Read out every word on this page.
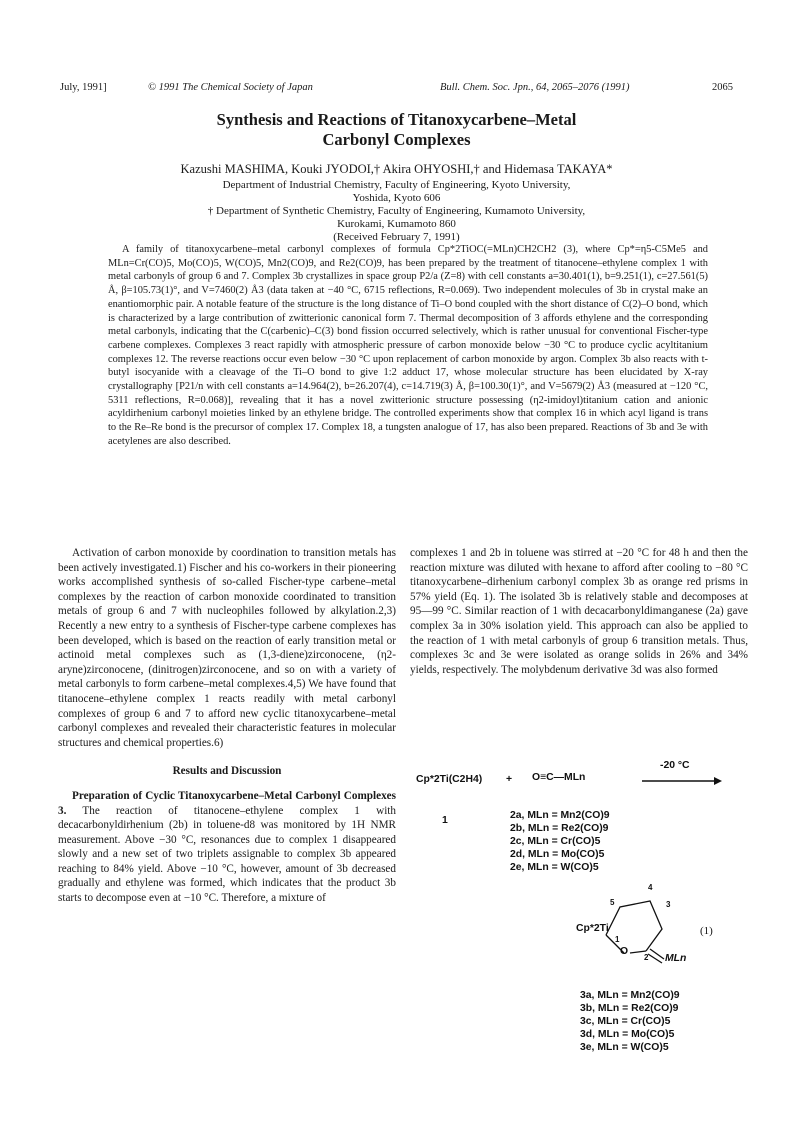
July, 1991]	© 1991 The Chemical Society of Japan	Bull. Chem. Soc. Jpn., 64, 2065–2076 (1991)	2065
Synthesis and Reactions of Titanoxycarbene–Metal
Carbonyl Complexes
Kazushi MASHIMA, Kouki JYODOI,† Akira OHYOSHI,† and Hidemasa TAKAYA*
Department of Industrial Chemistry, Faculty of Engineering, Kyoto University,
Yoshida, Kyoto 606
† Department of Synthetic Chemistry, Faculty of Engineering, Kumamoto University,
Kurokami, Kumamoto 860
(Received February 7, 1991)
A family of titanoxycarbene–metal carbonyl complexes of formula Cp*2TiOC(=MLn)CH2CH2 (3), where Cp*=η5-C5Me5 and MLn=Cr(CO)5, Mo(CO)5, W(CO)5, Mn2(CO)9, and Re2(CO)9, has been prepared by the treatment of titanocene–ethylene complex 1 with metal carbonyls of group 6 and 7. Complex 3b crystallizes in space group P2/a (Z=8) with cell constants a=30.401(1), b=9.251(1), c=27.561(5) Å, β=105.73(1)°, and V=7460(2) Å3 (data taken at −40 °C, 6715 reflections, R=0.069). Two independent molecules of 3b in crystal make an enantiomorphic pair. A notable feature of the structure is the long distance of Ti–O bond coupled with the short distance of C(2)–O bond, which is characterized by a large contribution of zwitterionic canonical form 7. Thermal decomposition of 3 affords ethylene and the corresponding metal carbonyls, indicating that the C(carbenic)–C(3) bond fission occurred selectively, which is rather unusual for conventional Fischer-type carbene complexes. Complexes 3 react rapidly with atmospheric pressure of carbon monoxide below −30 °C to produce cyclic acyltitanium complexes 12. The reverse reactions occur even below −30 °C upon replacement of carbon monoxide by argon. Complex 3b also reacts with t-butyl isocyanide with a cleavage of the Ti–O bond to give 1:2 adduct 17, whose molecular structure has been elucidated by X-ray crystallography [P21/n with cell constants a=14.964(2), b=26.207(4), c=14.719(3) Å, β=100.30(1)°, and V=5679(2) Å3 (measured at −120 °C, 5311 reflections, R=0.068)], revealing that it has a novel zwitterionic structure possessing (η2-imidoyl)titanium cation and anionic acyldirhenium carbonyl moieties linked by an ethylene bridge. The controlled experiments show that complex 16 in which acyl ligand is trans to the Re–Re bond is the precursor of complex 17. Complex 18, a tungsten analogue of 17, has also been prepared. Reactions of 3b and 3e with acetylenes are also described.

Activation of carbon monoxide by coordination to transition metals has been actively investigated.1) Fischer and his co-workers in their pioneering works accomplished synthesis of so-called Fischer-type carbene–metal complexes by the reaction of carbon monoxide coordinated to transition metals of group 6 and 7 with nucleophiles followed by alkylation.2,3) Recently a new entry to a synthesis of Fischer-type carbene complexes has been developed, which is based on the reaction of early transition metal or actinoid metal complexes such as (1,3-diene)zirconocene, (η2-aryne)zirconocene, (dinitrogen)zirconocene, and so on with a variety of metal carbonyls to form carbene–metal complexes.4,5) We have found that titanocene–ethylene complex 1 reacts readily with metal carbonyl complexes of group 6 and 7 to afford new cyclic titanoxycarbene–metal carbonyl complexes and revealed their characteristic features in molecular structures and chemical properties.6)

Results and Discussion

Preparation of Cyclic Titanoxycarbene–Metal Carbonyl Complexes 3. The reaction of titanocene–ethylene complex 1 with decacarbonyldirhenium (2b) in toluene-d8 was monitored by 1H NMR measurement. Above −30 °C, resonances due to complex 1 disappeared slowly and a new set of two triplets assignable to complex 3b appeared reaching to 84% yield. Above −10 °C, however, amount of 3b decreased gradually and ethylene was formed, which indicates that the product 3b starts to decompose even at −10 °C. Therefore, a mixture of

complexes 1 and 2b in toluene was stirred at −20 °C for 48 h and then the reaction mixture was diluted with hexane to afford after cooling to −80 °C titanoxycarbene–dirhenium carbonyl complex 3b as orange red prisms in 57% yield (Eq. 1). The isolated 3b is relatively stable and decomposes at 95—99 °C. Similar reaction of 1 with decacarbonyldimanganese (2a) gave complex 3a in 30% isolation yield. This approach can also be applied to the reaction of 1 with metal carbonyls of group 6 transition metals. Thus, complexes 3c and 3e were isolated as orange solids in 26% and 34% yields, respectively. The molybdenum derivative 3d was also formed

Cp*2Ti(C2H4) + O≡C—MLn
-20 °C
1	2a, MLn = Mn2(CO)9
2b, MLn = Re2(CO)9
2c, MLn = Cr(CO)5
2d, MLn = Mo(CO)5
2e, MLn = W(CO)5
Cp*2Ti
O
MLn
1
2
3
4
5
(1)
3a, MLn = Mn2(CO)9
3b, MLn = Re2(CO)9
3c, MLn = Cr(CO)5
3d, MLn = Mo(CO)5
3e, MLn = W(CO)5
